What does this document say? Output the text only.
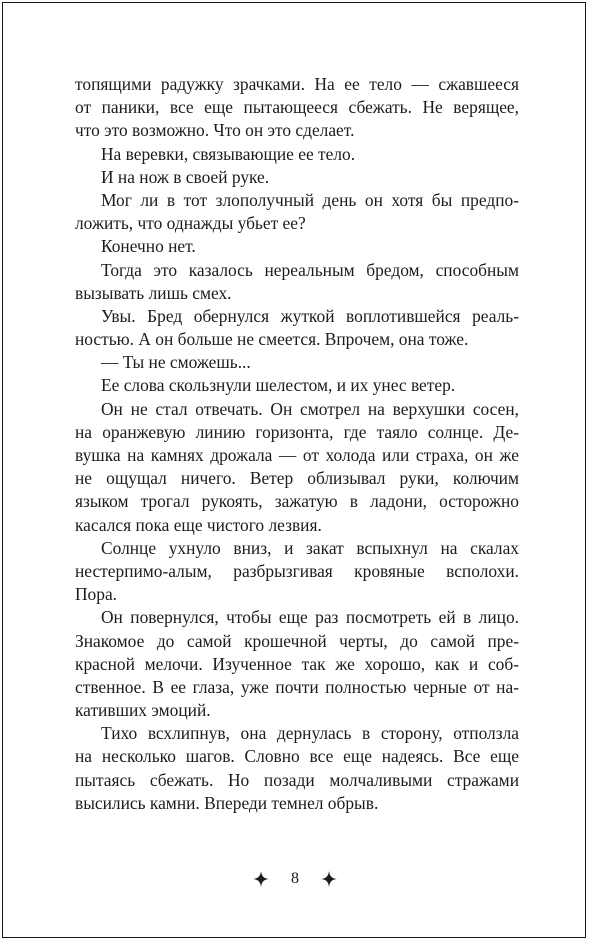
топящими радужку зрачками. На ее тело — сжавшееся
от паники, все еще пытающееся сбежать. Не верящее,
что это возможно. Что он это сделает.
На веревки, связывающие ее тело.
И на нож в своей руке.
Мог ли в тот злополучный день он хотя бы предпо-
ложить, что однажды убьет ее?
Конечно нет.
Тогда это казалось нереальным бредом, способным
вызывать лишь смех.
Увы. Бред обернулся жуткой воплотившейся реаль-
ностью. А он больше не смеется. Впрочем, она тоже.
— Ты не сможешь...
Ее слова скользнули шелестом, и их унес ветер.
Он не стал отвечать. Он смотрел на верхушки сосен,
на оранжевую линию горизонта, где таяло солнце. Де-
вушка на камнях дрожала — от холода или страха, он же
не ощущал ничего. Ветер облизывал руки, колючим
языком трогал рукоять, зажатую в ладони, осторожно
касался пока еще чистого лезвия.
Солнце ухнуло вниз, и закат вспыхнул на скалах
нестерпимо-алым, разбрызгивая кровяные всполохи.
Пора.
Он повернулся, чтобы еще раз посмотреть ей в лицо.
Знакомое до самой крошечной черты, до самой пре-
красной мелочи. Изученное так же хорошо, как и соб-
ственное. В ее глаза, уже почти полностью черные от на-
кативших эмоций.
Тихо всхлипнув, она дернулась в сторону, отползла
на несколько шагов. Словно все еще надеясь. Все еще
пытаясь сбежать. Но позади молчаливыми стражами
высились камни. Впереди темнел обрыв.
8
